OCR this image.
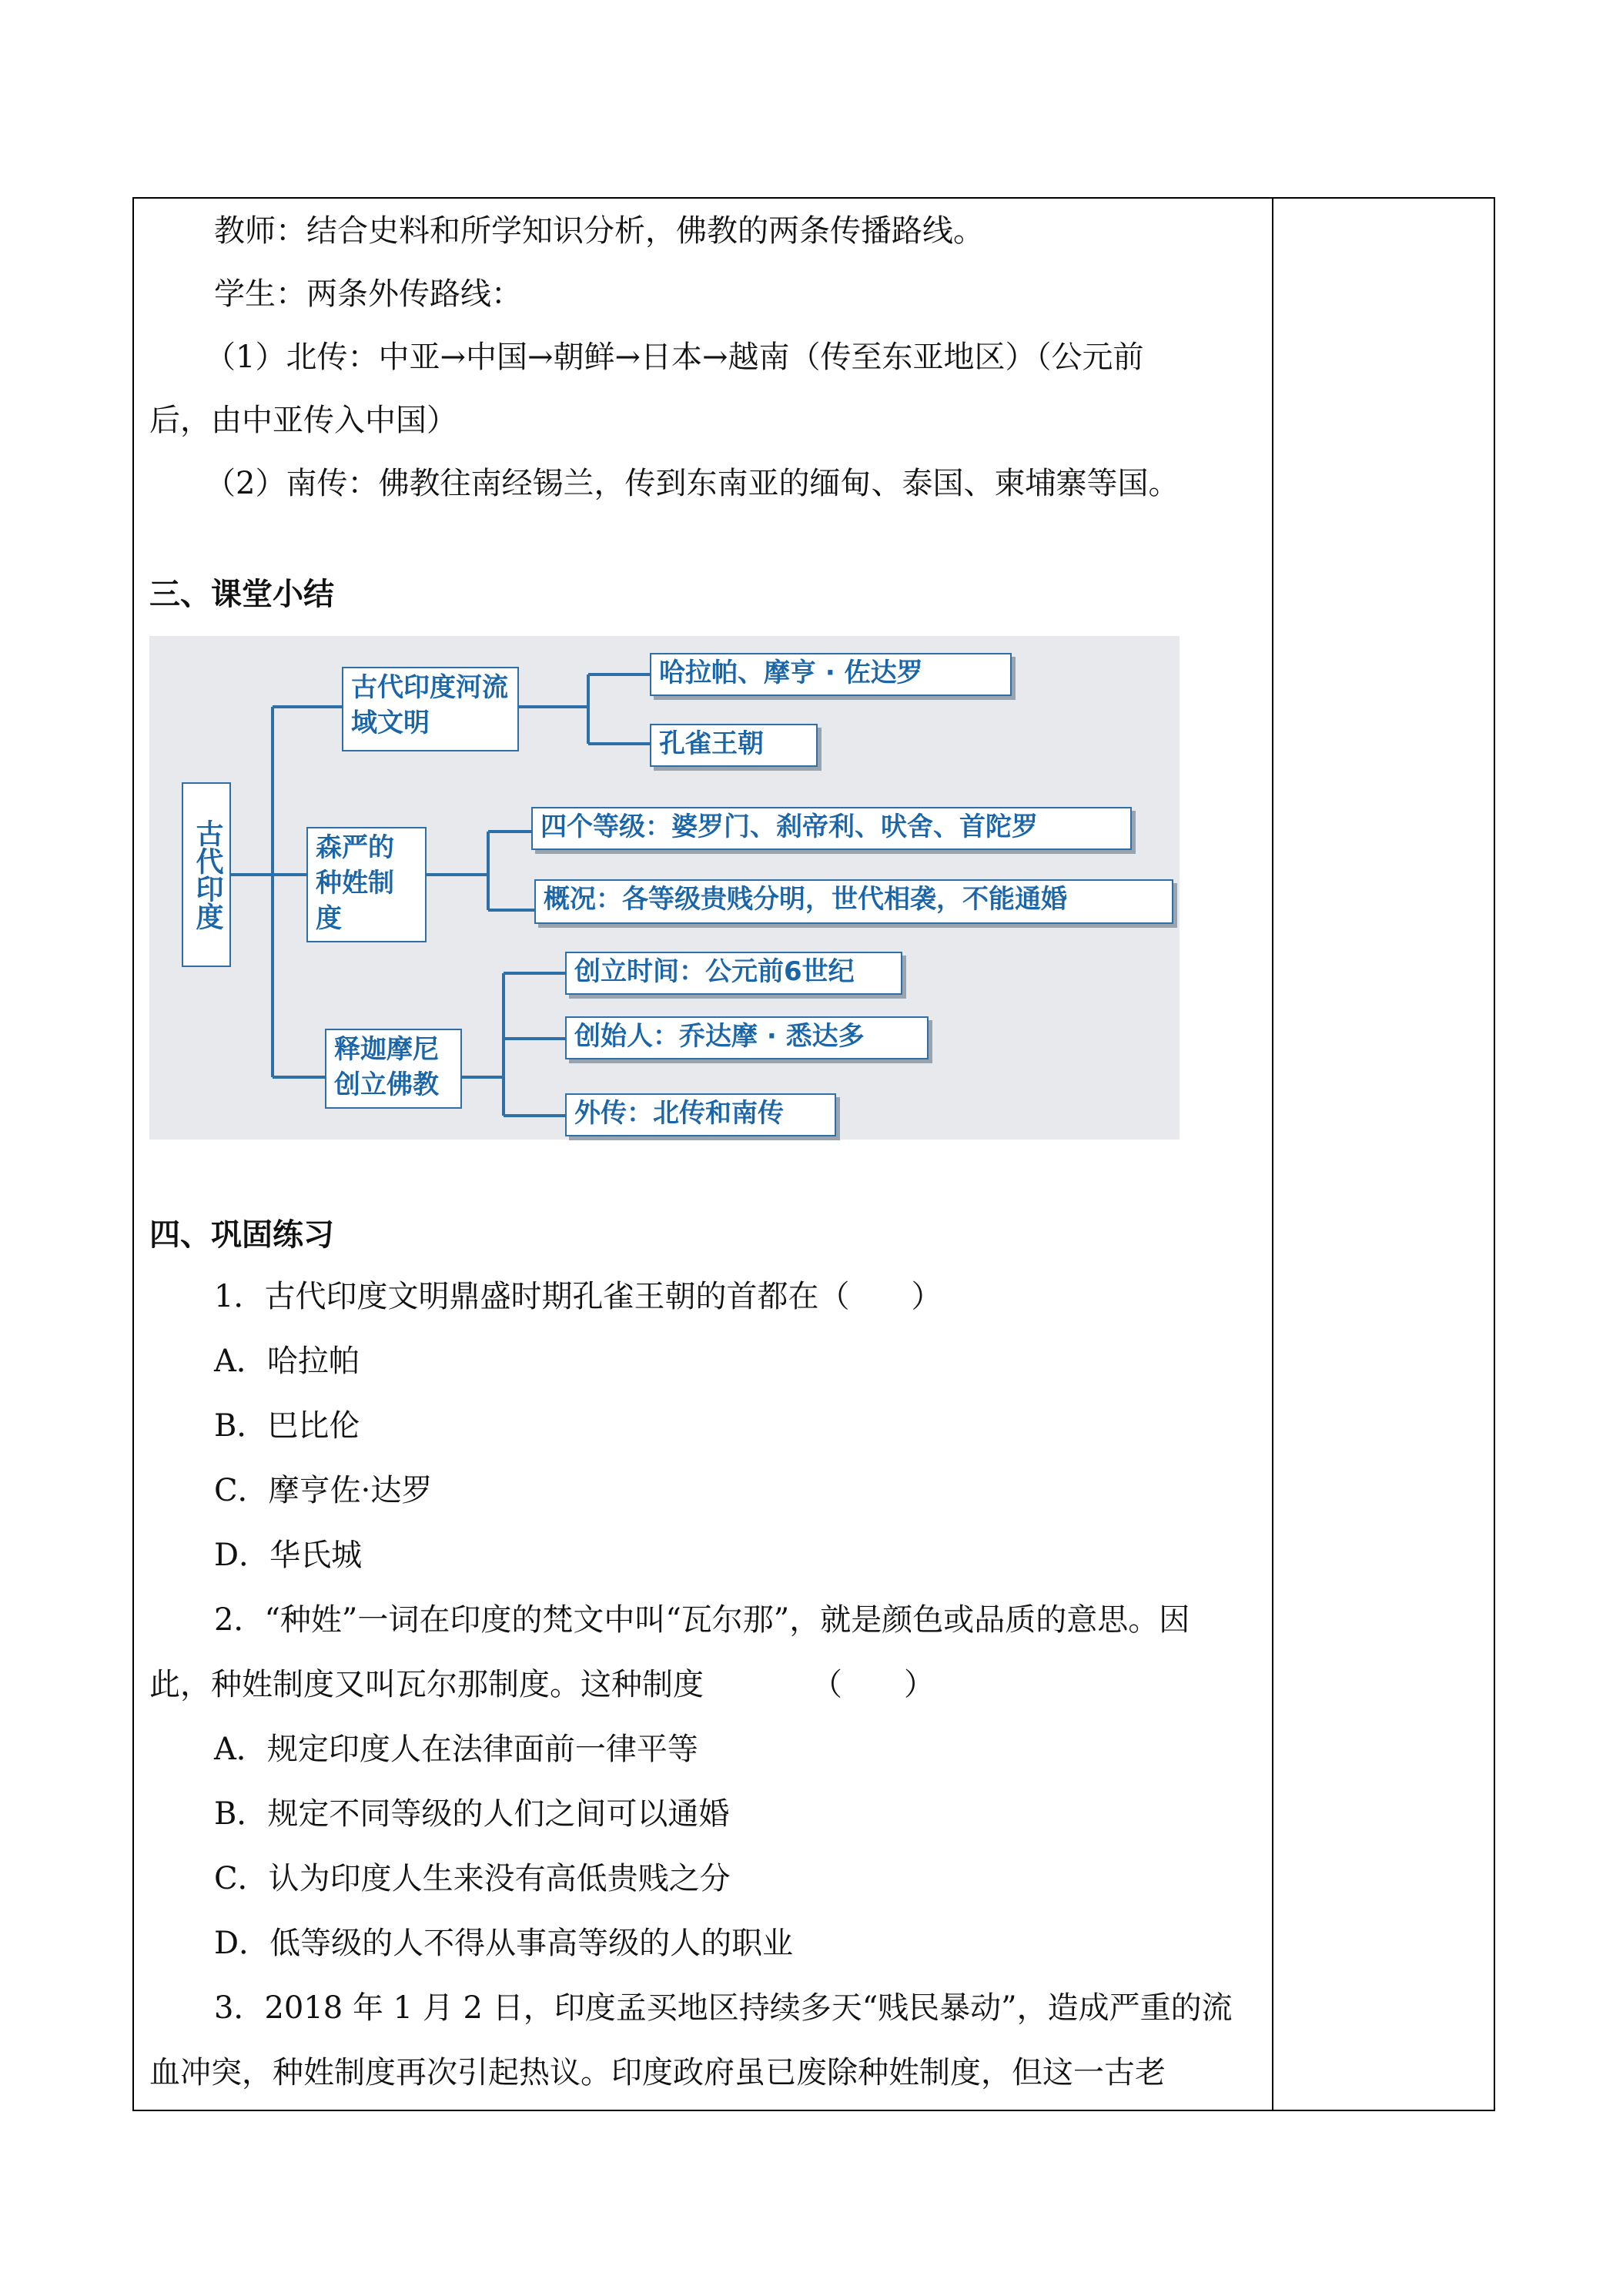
教师：结合史料和所学知识分析，佛教的两条传播路线。
学生：两条外传路线：
（1）北传：中亚→中国→朝鲜→日本→越南（传至东亚地区）（公元前
后，由中亚传入中国）
（2）南传：佛教往南经锡兰，传到东南亚的缅甸、泰国、柬埔寨等国。
三、课堂小结
古代印度
古代印度河流域文明
哈拉帕、摩亨 · 佐达罗
孔雀王朝
森严的种姓制度
四个等级：婆罗门、刹帝利、吠舍、首陀罗
概况：各等级贵贱分明，世代相袭，不能通婚
释迦摩尼创立佛教
创立时间：公元前6世纪
创始人：乔达摩 · 悉达多
外传：北传和南传
四、巩固练习
1．古代印度文明鼎盛时期孔雀王朝的首都在（　　）
A．哈拉帕
B．巴比伦
C．摩亨佐·达罗
D．华氏城
2．“种姓”一词在印度的梵文中叫“瓦尔那”，就是颜色或品质的意思。因
此，种姓制度又叫瓦尔那制度。这种制度　　　　（　　）
A．规定印度人在法律面前一律平等
B．规定不同等级的人们之间可以通婚
C．认为印度人生来没有高低贵贱之分
D．低等级的人不得从事高等级的人的职业
3．2018 年 1 月 2 日，印度孟买地区持续多天“贱民暴动”，造成严重的流
血冲突，种姓制度再次引起热议。印度政府虽已废除种姓制度，但这一古老
